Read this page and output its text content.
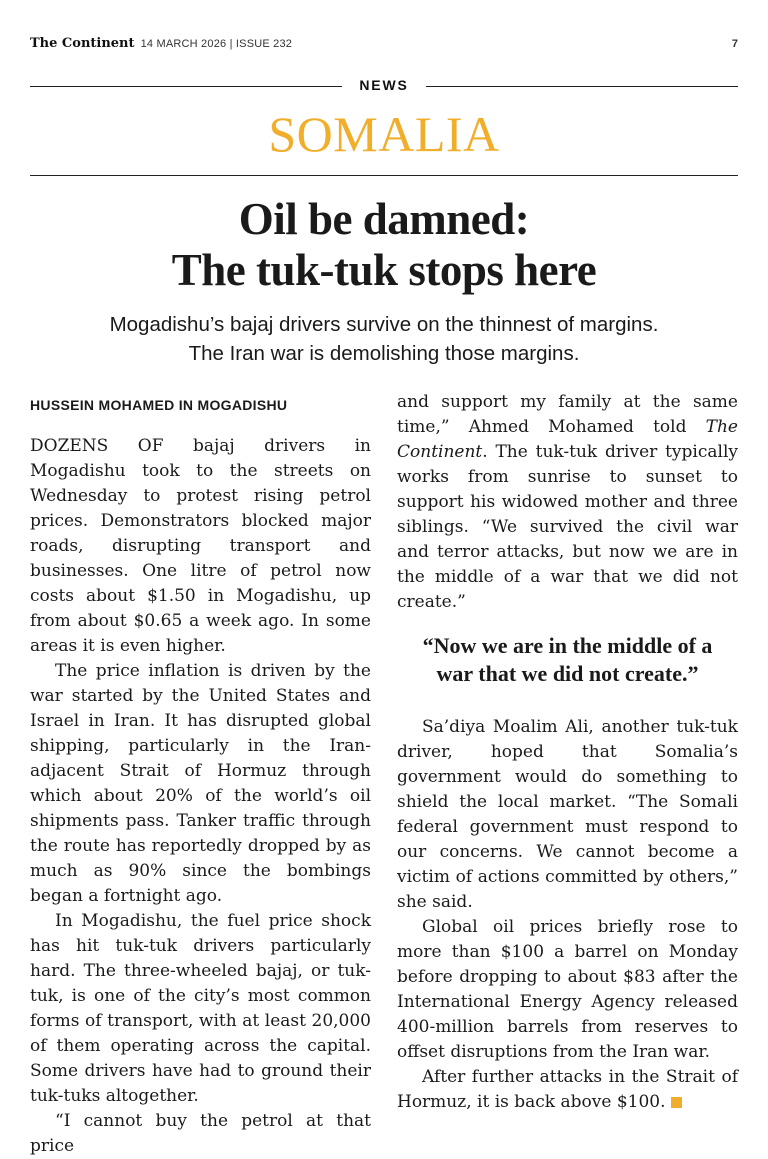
The Continent 14 MARCH 2026 | ISSUE 232	7
NEWS
SOMALIA
Oil be damned:
The tuk-tuk stops here
Mogadishu’s bajaj drivers survive on the thinnest of margins.
The Iran war is demolishing those margins.
HUSSEIN MOHAMED IN MOGADISHU

DOZENS OF bajaj drivers in Mogadishu took to the streets on Wednesday to protest rising petrol prices. Demonstrators blocked major roads, disrupting transport and businesses. One litre of petrol now costs about $1.50 in Mogadishu, up from about $0.65 a week ago. In some areas it is even higher.

The price inflation is driven by the war started by the United States and Israel in Iran. It has disrupted global shipping, particularly in the Iran-adjacent Strait of Hormuz through which about 20% of the world’s oil shipments pass. Tanker traffic through the route has reportedly dropped by as much as 90% since the bombings began a fortnight ago.

In Mogadishu, the fuel price shock has hit tuk-tuk drivers particularly hard. The three-wheeled bajaj, or tuk-tuk, is one of the city’s most common forms of transport, with at least 20,000 of them operating across the capital. Some drivers have had to ground their tuk-tuks altogether.

“I cannot buy the petrol at that price

and support my family at the same time,” Ahmed Mohamed told The Continent. The tuk-tuk driver typically works from sunrise to sunset to support his widowed mother and three siblings. “We survived the civil war and terror attacks, but now we are in the middle of a war that we did not create.”

“Now we are in the middle of a war that we did not create.”

Sa’diya Moalim Ali, another tuk-tuk driver, hoped that Somalia’s government would do something to shield the local market. “The Somali federal government must respond to our concerns. We cannot become a victim of actions committed by others,” she said.

Global oil prices briefly rose to more than $100 a barrel on Monday before dropping to about $83 after the International Energy Agency released 400-million barrels from reserves to offset disruptions from the Iran war.

After further attacks in the Strait of Hormuz, it is back above $100.
